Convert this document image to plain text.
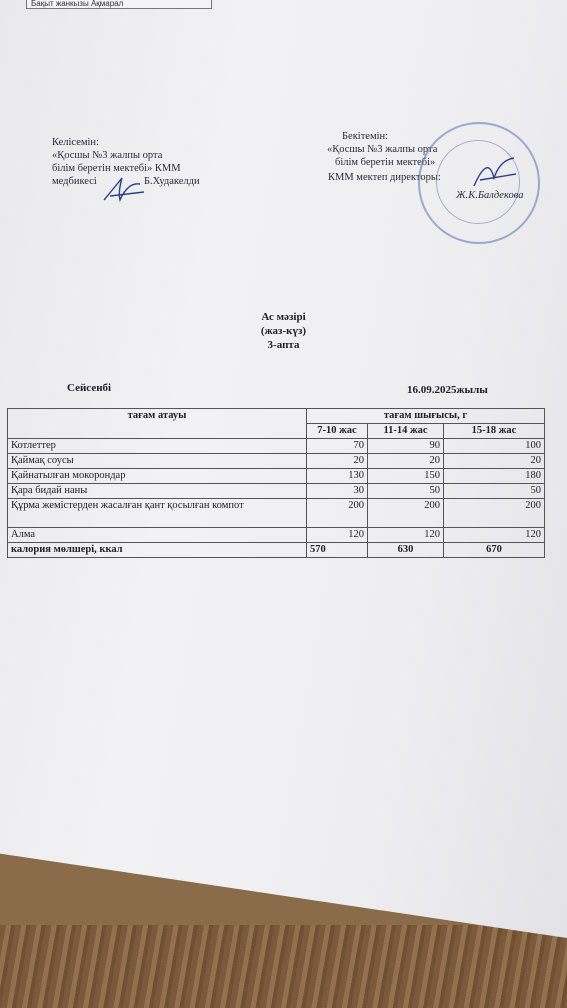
Бақыт жанкызы Ақмарал
Келісемін:
«Қосшы №3 жалпы орта
білім беретін мектебі» КММ
медбикесі	Б.Худакелди
Бекітемін:
«Қосшы №3 жалпы орта
білім беретін мектебі»
КММ мектеп директоры:
Ж.К.Балдекова
Ас мәзірі
(жаз-күз)
3-апта
Сейсенбі	16.09.2025жылы
тағам атауы	тағам шығысы, г		
	7-10 жас	11-14 жас	15-18 жас
Котлеттер	70	90	100
Қаймақ соусы	20	20	20
Қайнатылған мокорондар	130	150	180
Қара бидай наны	30	50	50
Құрма жемістерден жасалған қант қосылған компот	200	200	200
Алма	120	120	120
калория мөлшері, ккал	570	630	670
